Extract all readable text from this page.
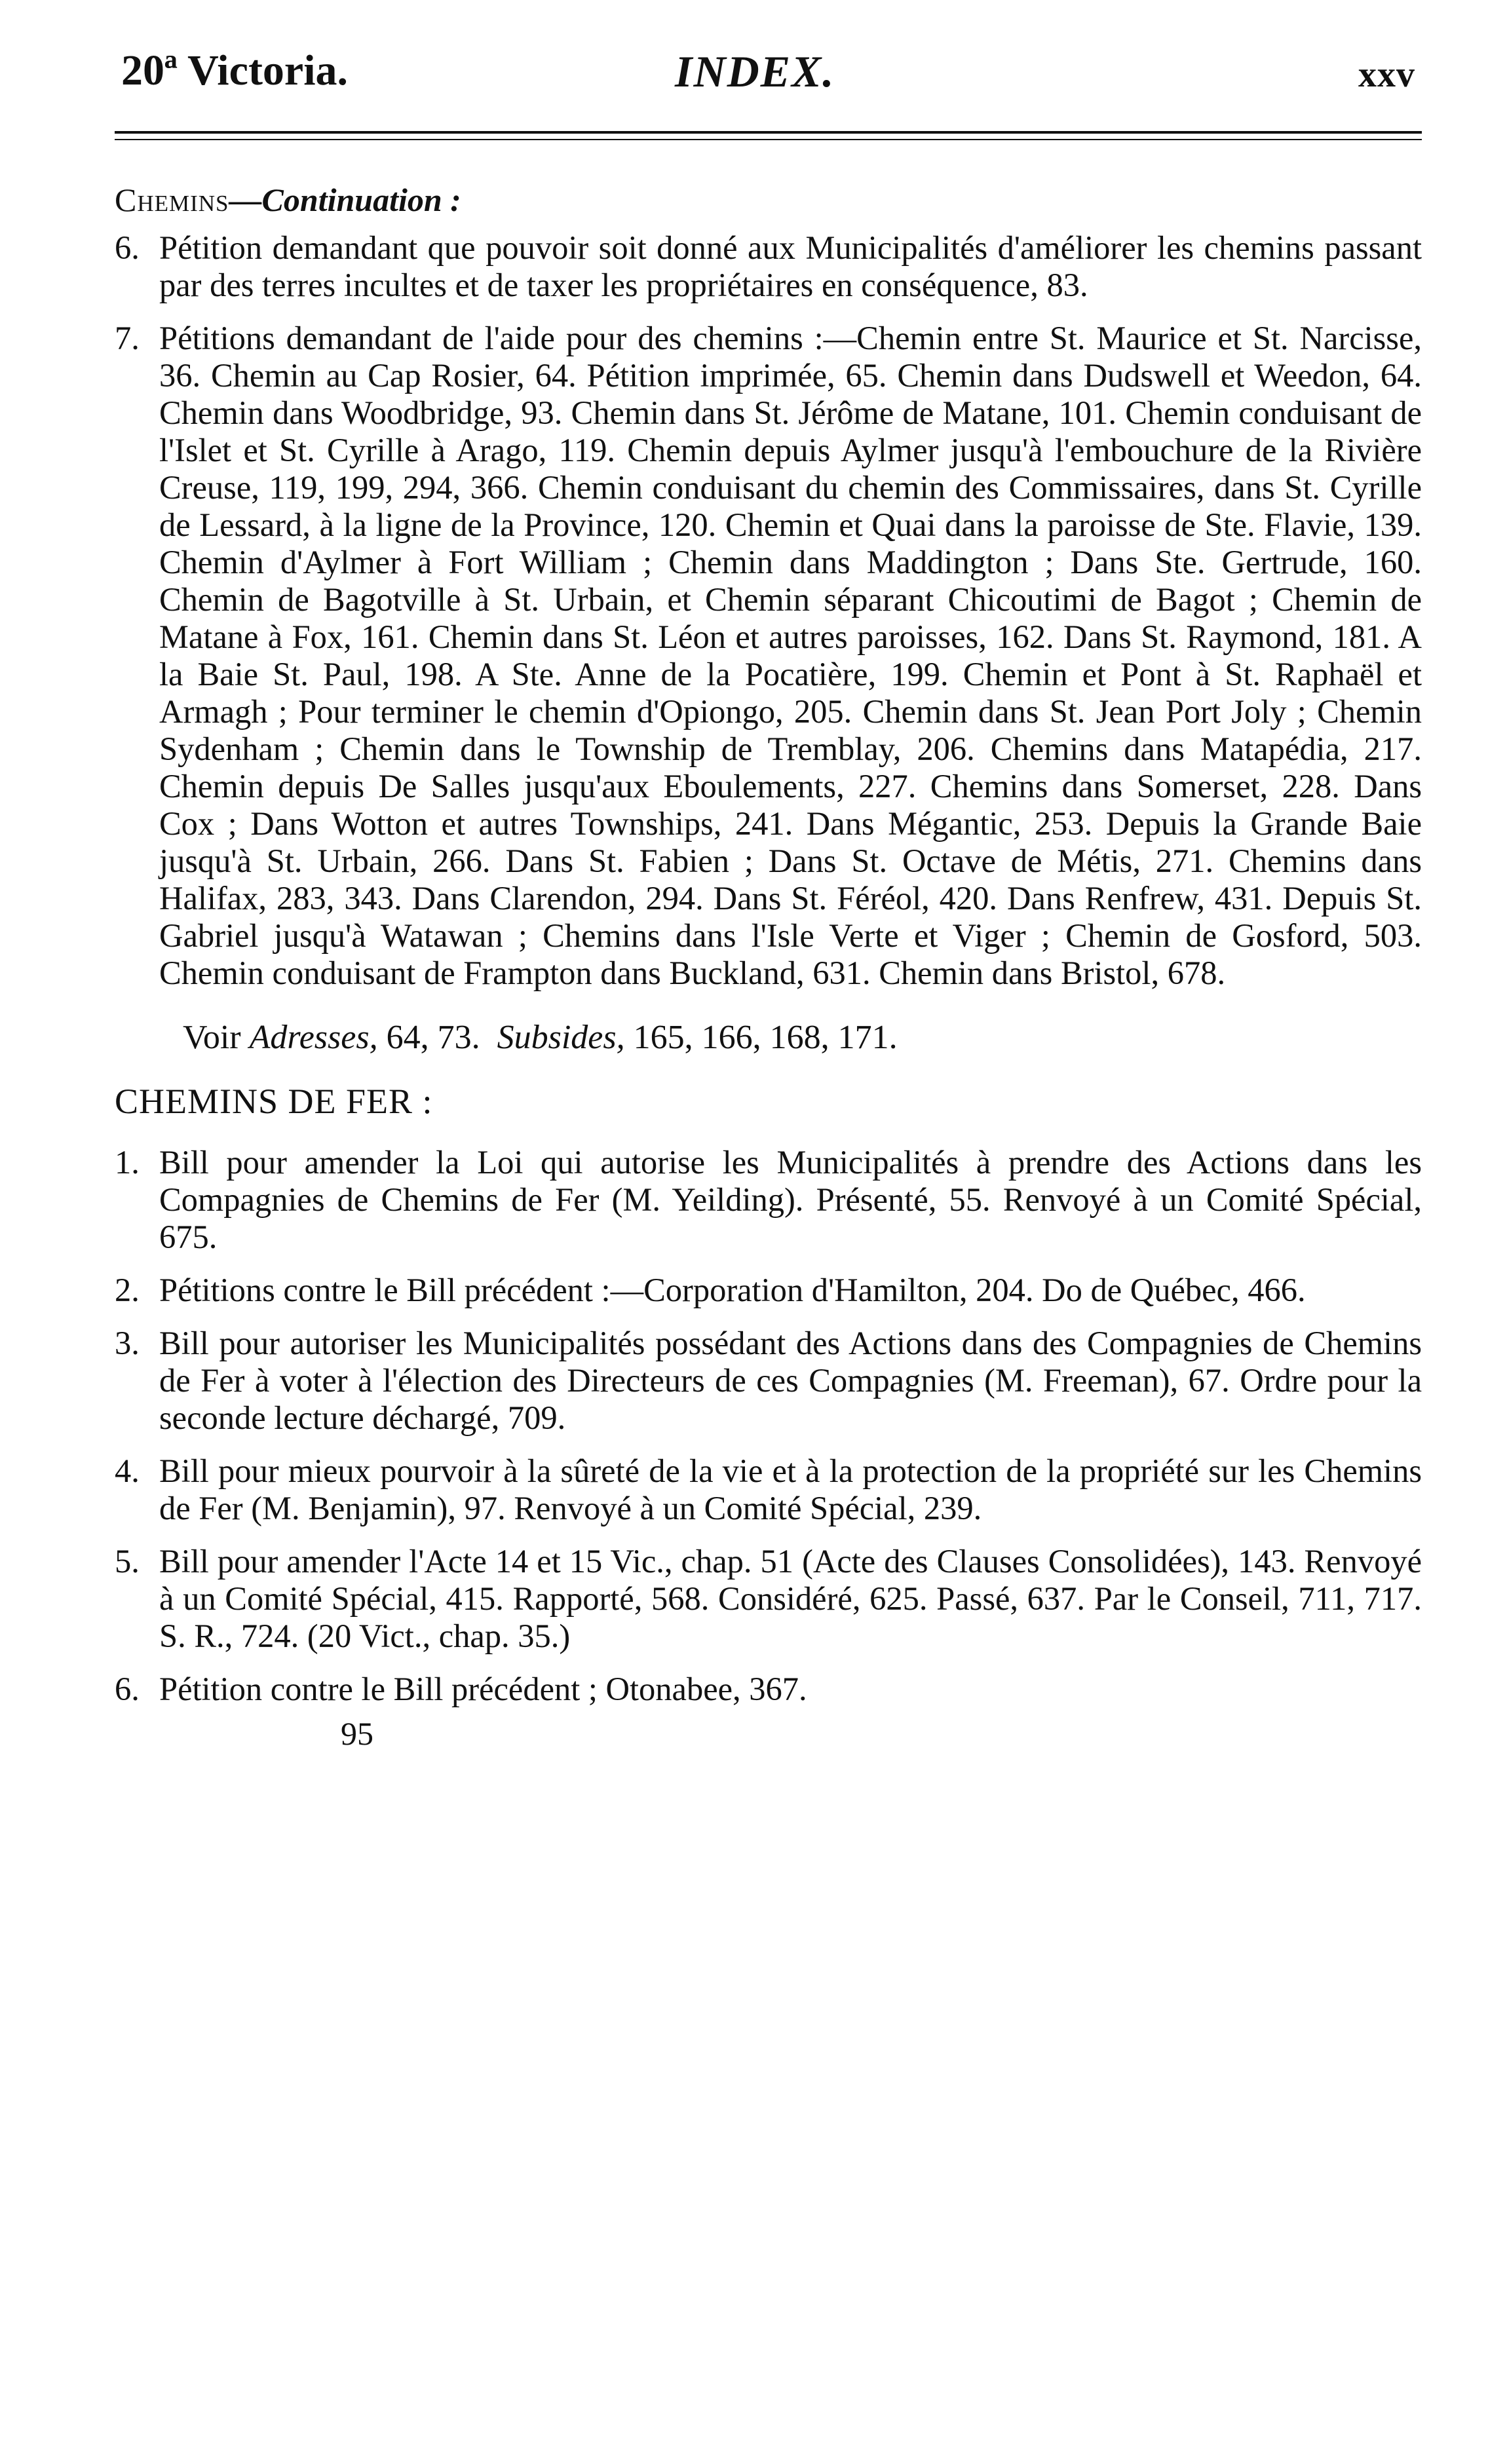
20ª Victoria.	INDEX.	xxv
Chemins—Continuation :

6. Pétition demandant que pouvoir soit donné aux Municipalités d'améliorer les chemins passant par des terres incultes et de taxer les propriétaires en conséquence, 83.

7. Pétitions demandant de l'aide pour des chemins :—Chemin entre St. Maurice et St. Narcisse, 36. Chemin au Cap Rosier, 64. Pétition imprimée, 65. Chemin dans Dudswell et Weedon, 64. Chemin dans Woodbridge, 93. Chemin dans St. Jérôme de Matane, 101. Chemin conduisant de l'Islet et St. Cyrille à Arago, 119. Chemin depuis Aylmer jusqu'à l'embouchure de la Rivière Creuse, 119, 199, 294, 366. Chemin conduisant du chemin des Commissaires, dans St. Cyrille de Lessard, à la ligne de la Province, 120. Chemin et Quai dans la paroisse de Ste. Flavie, 139. Chemin d'Aylmer à Fort William ; Chemin dans Maddington ; Dans Ste. Gertrude, 160. Chemin de Bagotville à St. Urbain, et Chemin séparant Chicoutimi de Bagot ; Chemin de Matane à Fox, 161. Chemin dans St. Léon et autres paroisses, 162. Dans St. Raymond, 181. A la Baie St. Paul, 198. A Ste. Anne de la Pocatière, 199. Chemin et Pont à St. Raphaël et Armagh ; Pour terminer le chemin d'Opiongo, 205. Chemin dans St. Jean Port Joly ; Chemin Sydenham ; Chemin dans le Township de Tremblay, 206. Chemins dans Matapédia, 217. Chemin depuis De Salles jusqu'aux Eboulements, 227. Chemins dans Somerset, 228. Dans Cox ; Dans Wotton et autres Townships, 241. Dans Mégantic, 253. Depuis la Grande Baie jusqu'à St. Urbain, 266. Dans St. Fabien ; Dans St. Octave de Métis, 271. Chemins dans Halifax, 283, 343. Dans Clarendon, 294. Dans St. Féréol, 420. Dans Renfrew, 431. Depuis St. Gabriel jusqu'à Watawan ; Chemins dans l'Isle Verte et Viger ; Chemin de Gosford, 503. Chemin conduisant de Frampton dans Buckland, 631. Chemin dans Bristol, 678.

Voir Adresses, 64, 73. Subsides, 165, 166, 168, 171.

CHEMINS DE FER :

1. Bill pour amender la Loi qui autorise les Municipalités à prendre des Actions dans les Compagnies de Chemins de Fer (M. Yeilding). Présenté, 55. Renvoyé à un Comité Spécial, 675.

2. Pétitions contre le Bill précédent :—Corporation d'Hamilton, 204. Do de Québec, 466.

3. Bill pour autoriser les Municipalités possédant des Actions dans des Compagnies de Chemins de Fer à voter à l'élection des Directeurs de ces Compagnies (M. Freeman), 67. Ordre pour la seconde lecture déchargé, 709.

4. Bill pour mieux pourvoir à la sûreté de la vie et à la protection de la propriété sur les Chemins de Fer (M. Benjamin), 97. Renvoyé à un Comité Spécial, 239.

5. Bill pour amender l'Acte 14 et 15 Vic., chap. 51 (Acte des Clauses Consolidées), 143. Renvoyé à un Comité Spécial, 415. Rapporté, 568. Considéré, 625. Passé, 637. Par le Conseil, 711, 717. S. R., 724. (20 Vict., chap. 35.)

6. Pétition contre le Bill précédent ; Otonabee, 367.

95
